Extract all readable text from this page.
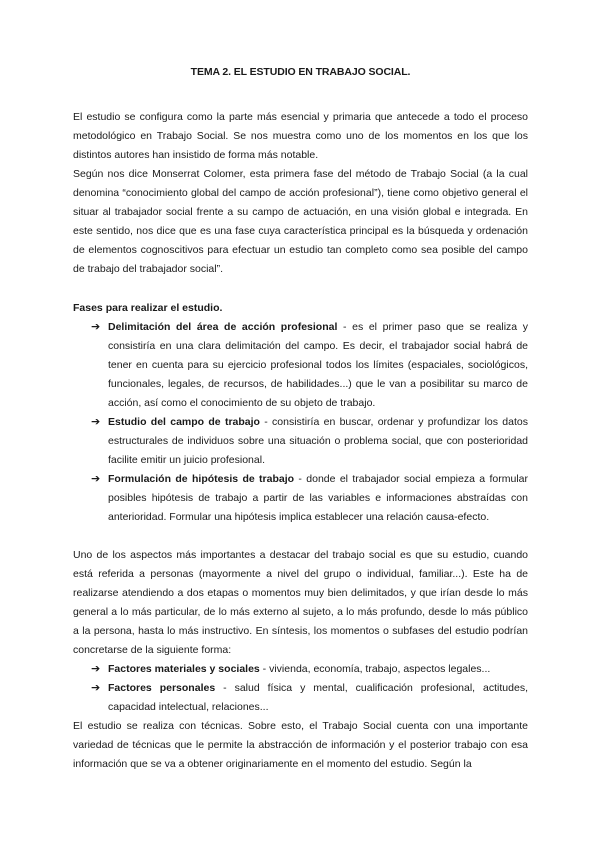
TEMA 2. EL ESTUDIO EN TRABAJO SOCIAL.

El estudio se configura como la parte más esencial y primaria que antecede a todo el proceso metodológico en Trabajo Social. Se nos muestra como uno de los momentos en los que los distintos autores han insistido de forma más notable.

Según nos dice Monserrat Colomer, esta primera fase del método de Trabajo Social (a la cual denomina “conocimiento global del campo de acción profesional”), tiene como objetivo general el situar al trabajador social frente a su campo de actuación, en una visión global e integrada. En este sentido, nos dice que es una fase cuya característica principal es la búsqueda y ordenación de elementos cognoscitivos para efectuar un estudio tan completo como sea posible del campo de trabajo del trabajador social”.

Fases para realizar el estudio.
➔ Delimitación del área de acción profesional - es el primer paso que se realiza y consistiría en una clara delimitación del campo. Es decir, el trabajador social habrá de tener en cuenta para su ejercicio profesional todos los límites (espaciales, sociológicos, funcionales, legales, de recursos, de habilidades...) que le van a posibilitar su marco de acción, así como el conocimiento de su objeto de trabajo.
➔ Estudio del campo de trabajo - consistiría en buscar, ordenar y profundizar los datos estructurales de individuos sobre una situación o problema social, que con posterioridad facilite emitir un juicio profesional.
➔ Formulación de hipótesis de trabajo - donde el trabajador social empieza a formular posibles hipótesis de trabajo a partir de las variables e informaciones abstraídas con anterioridad. Formular una hipótesis implica establecer una relación causa-efecto.

Uno de los aspectos más importantes a destacar del trabajo social es que su estudio, cuando está referida a personas (mayormente a nivel del grupo o individual, familiar...). Este ha de realizarse atendiendo a dos etapas o momentos muy bien delimitados, y que irían desde lo más general a lo más particular, de lo más externo al sujeto, a lo más profundo, desde lo más público a la persona, hasta lo más instructivo. En síntesis, los momentos o subfases del estudio podrían concretarse de la siguiente forma:

➔ Factores materiales y sociales - vivienda, economía, trabajo, aspectos legales...
➔ Factores personales - salud física y mental, cualificación profesional, actitudes, capacidad intelectual, relaciones...

El estudio se realiza con técnicas. Sobre esto, el Trabajo Social cuenta con una importante variedad de técnicas que le permite la abstracción de información y el posterior trabajo con esa información que se va a obtener originariamente en el momento del estudio. Según la
